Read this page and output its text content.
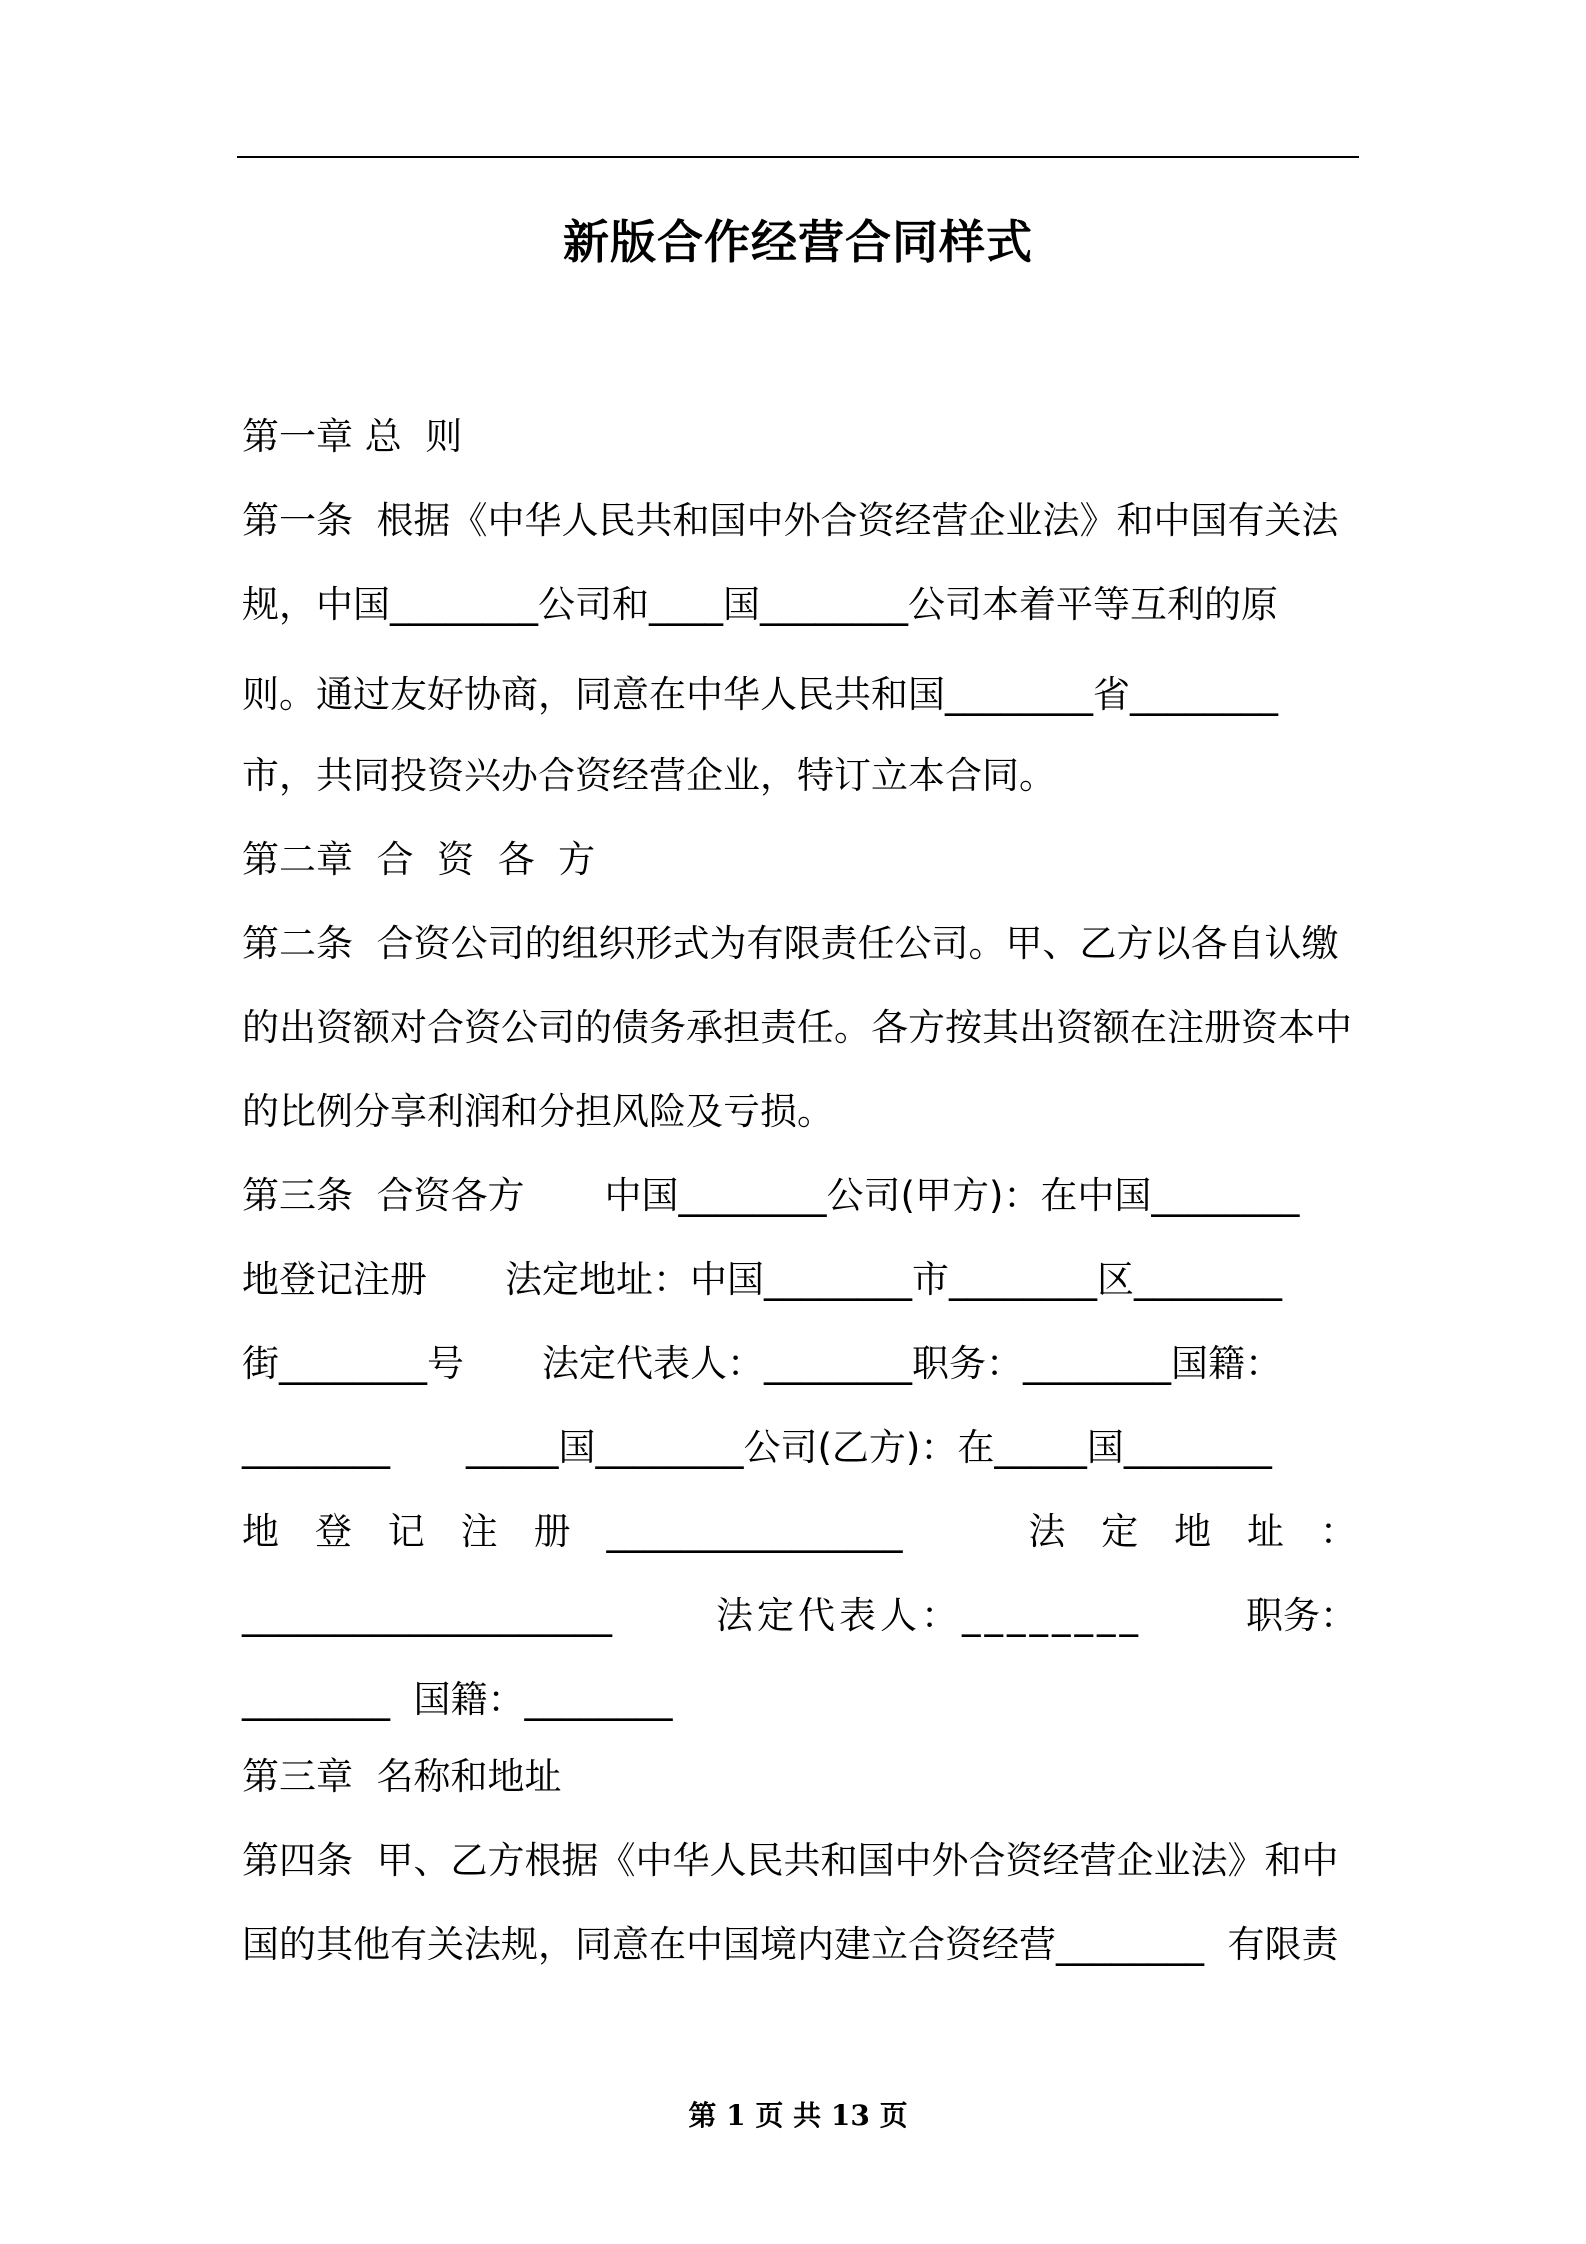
新版合作经营合同样式
第一章 总  则
第一条  根据《中华人民共和国中外合资经营企业法》和中国有关法
规，中国________公司和____国________公司本着平等互利的原
则。通过友好协商，同意在中华人民共和国________省________
市，共同投资兴办合资经营企业，特订立本合同。
第二章  合  资  各  方
第二条  合资公司的组织形式为有限责任公司。甲、乙方以各自认缴
的出资额对合资公司的债务承担责任。各方按其出资额在注册资本中
的比例分享利润和分担风险及亏损。
第三条  合资各方 中国________公司(甲方)：在中国________
地登记注册 法定地址：中国________市________区________
街________号 法定代表人：________职务：________国籍：
________ _____国________公司(乙方)：在_____国________
地 登 记 注 册 ________________	法 定 地 址 ：
____________________	法定代表人：________	职务：
________  国籍：________
第三章  名称和地址
第四条  甲、乙方根据《中华人民共和国中外合资经营企业法》和中
国的其他有关法规，同意在中国境内建立合资经营________  有限责
第 1 页 共 13 页
